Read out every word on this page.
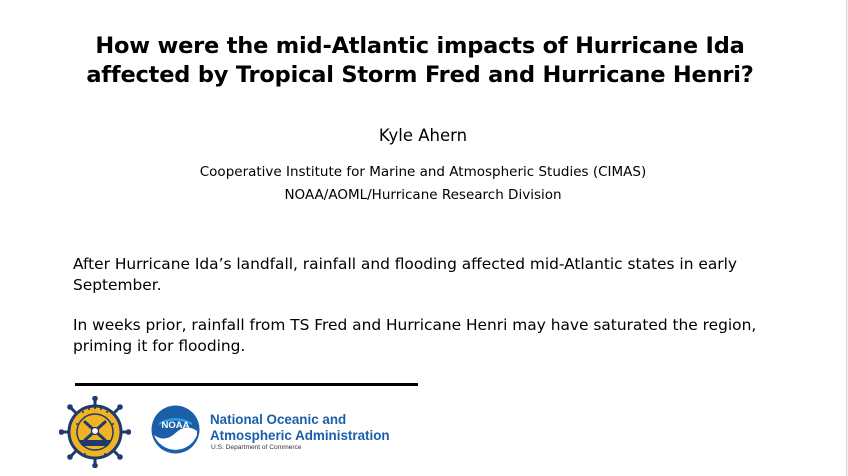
How were the mid-Atlantic impacts of Hurricane Ida
affected by Tropical Storm Fred and Hurricane Henri?
Kyle Ahern
Cooperative Institute for Marine and Atmospheric Studies (CIMAS)
NOAA/AOML/Hurricane Research Division
After Hurricane Ida’s landfall, rainfall and flooding affected mid-Atlantic states in early September.
In weeks prior, rainfall from TS Fred and Hurricane Henri may have saturated the region, priming it for flooding.
NOAA National Oceanic and
Atmospheric Administration
U.S. Department of Commerce
